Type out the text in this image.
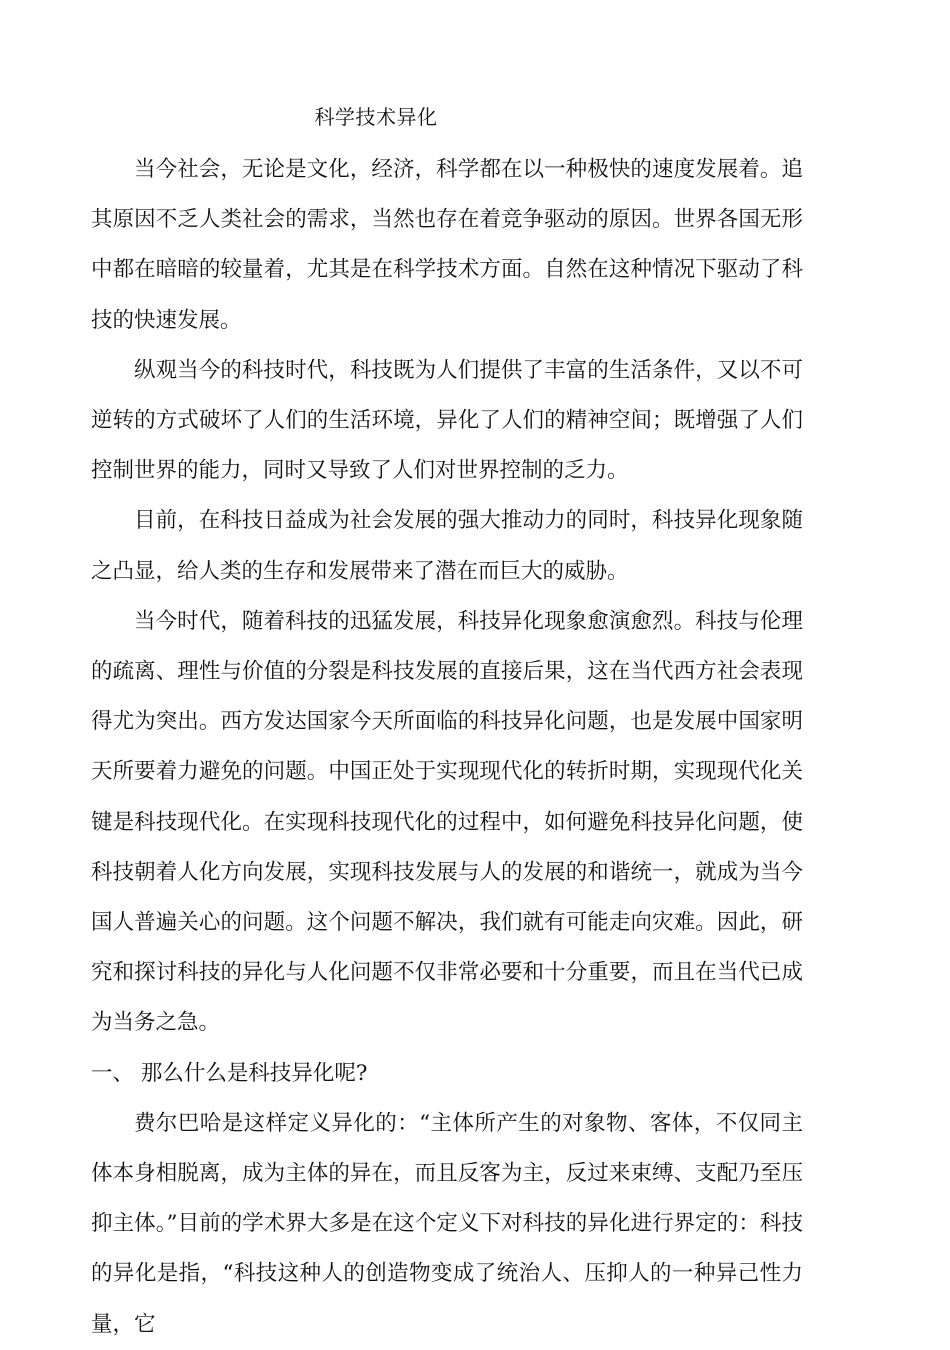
科学技术异化

当今社会，无论是文化，经济，科学都在以一种极快的速度发展着。追其原因不乏人类社会的需求，当然也存在着竞争驱动的原因。世界各国无形中都在暗暗的较量着，尤其是在科学技术方面。自然在这种情况下驱动了科技的快速发展。

纵观当今的科技时代，科技既为人们提供了丰富的生活条件，又以不可逆转的方式破坏了人们的生活环境，异化了人们的精神空间；既增强了人们控制世界的能力，同时又导致了人们对世界控制的乏力。

目前，在科技日益成为社会发展的强大推动力的同时，科技异化现象随之凸显，给人类的生存和发展带来了潜在而巨大的威胁。

当今时代，随着科技的迅猛发展，科技异化现象愈演愈烈。科技与伦理的疏离、理性与价值的分裂是科技发展的直接后果，这在当代西方社会表现得尤为突出。西方发达国家今天所面临的科技异化问题，也是发展中国家明天所要着力避免的问题。中国正处于实现现代化的转折时期，实现现代化关键是科技现代化。在实现科技现代化的过程中，如何避免科技异化问题，使科技朝着人化方向发展，实现科技发展与人的发展的和谐统一，就成为当今国人普遍关心的问题。这个问题不解决，我们就有可能走向灾难。因此，研究和探讨科技的异化与人化问题不仅非常必要和十分重要，而且在当代已成为当务之急。

一、 那么什么是科技异化呢?

费尔巴哈是这样定义异化的：“主体所产生的对象物、客体，不仅同主体本身相脱离，成为主体的异在，而且反客为主，反过来束缚、支配乃至压抑主体。”目前的学术界大多是在这个定义下对科技的异化进行界定的：科技的异化是指，“科技这种人的创造物变成了统治人、压抑人的一种异己性力量，它
